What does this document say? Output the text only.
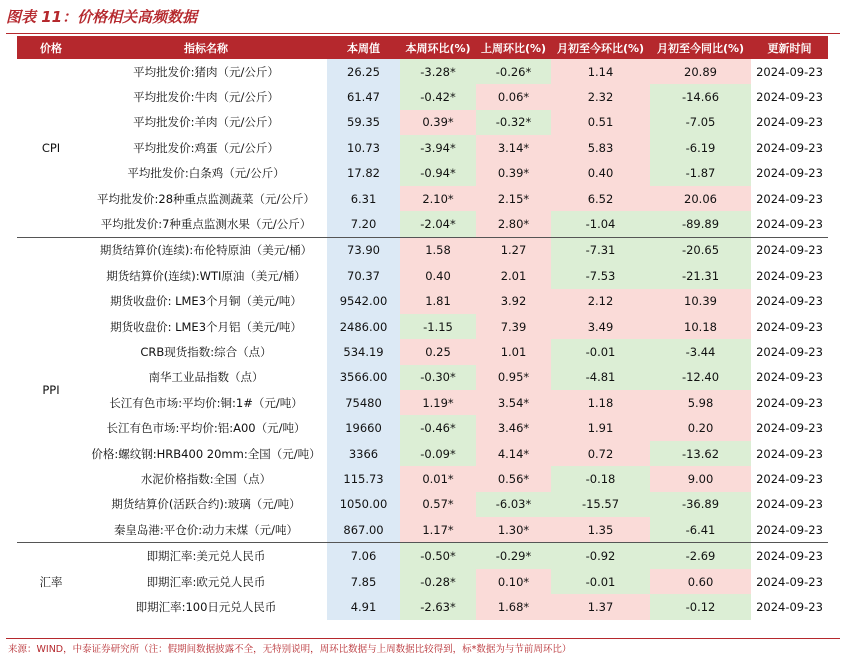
图表 11：价格相关高频数据
价格	指标名称	本周值	本周环比(%)	上周环比(%)	月初至今环比(%)	月初至今同比(%)	更新时间
CPI	平均批发价:猪肉（元/公斤）	26.25	-3.28*	-0.26*	1.14	20.89	2024-09-23
	平均批发价:牛肉（元/公斤）	61.47	-0.42*	0.06*	2.32	-14.66	2024-09-23
	平均批发价:羊肉（元/公斤）	59.35	0.39*	-0.32*	0.51	-7.05	2024-09-23
	平均批发价:鸡蛋（元/公斤）	10.73	-3.94*	3.14*	5.83	-6.19	2024-09-23
	平均批发价:白条鸡（元/公斤）	17.82	-0.94*	0.39*	0.40	-1.87	2024-09-23
	平均批发价:28种重点监测蔬菜（元/公斤）	6.31	2.10*	2.15*	6.52	20.06	2024-09-23
	平均批发价:7种重点监测水果（元/公斤）	7.20	-2.04*	2.80*	-1.04	-89.89	2024-09-23
PPI	期货结算价(连续):布伦特原油（美元/桶）	73.90	1.58	1.27	-7.31	-20.65	2024-09-23
	期货结算价(连续):WTI原油（美元/桶）	70.37	0.40	2.01	-7.53	-21.31	2024-09-23
	期货收盘价: LME3个月铜（美元/吨）	9542.00	1.81	3.92	2.12	10.39	2024-09-23
	期货收盘价: LME3个月铝（美元/吨）	2486.00	-1.15	7.39	3.49	10.18	2024-09-23
	CRB现货指数:综合（点）	534.19	0.25	1.01	-0.01	-3.44	2024-09-23
	南华工业品指数（点）	3566.00	-0.30*	0.95*	-4.81	-12.40	2024-09-23
	长江有色市场:平均价:铜:1#（元/吨）	75480	1.19*	3.54*	1.18	5.98	2024-09-23
	长江有色市场:平均价:铝:A00（元/吨）	19660	-0.46*	3.46*	1.91	0.20	2024-09-23
	价格:螺纹钢:HRB400 20mm:全国（元/吨）	3366	-0.09*	4.14*	0.72	-13.62	2024-09-23
	水泥价格指数:全国（点）	115.73	0.01*	0.56*	-0.18	9.00	2024-09-23
	期货结算价(活跃合约):玻璃（元/吨）	1050.00	0.57*	-6.03*	-15.57	-36.89	2024-09-23
	秦皇岛港:平仓价:动力末煤（元/吨）	867.00	1.17*	1.30*	1.35	-6.41	2024-09-23
汇率	即期汇率:美元兑人民币	7.06	-0.50*	-0.29*	-0.92	-2.69	2024-09-23
	即期汇率:欧元兑人民币	7.85	-0.28*	0.10*	-0.01	0.60	2024-09-23
	即期汇率:100日元兑人民币	4.91	-2.63*	1.68*	1.37	-0.12	2024-09-23
来源：WIND，中泰证券研究所（注：假期间数据披露不全，无特别说明，周环比数据与上周数据比较得到，标*数据为与节前周环比）
